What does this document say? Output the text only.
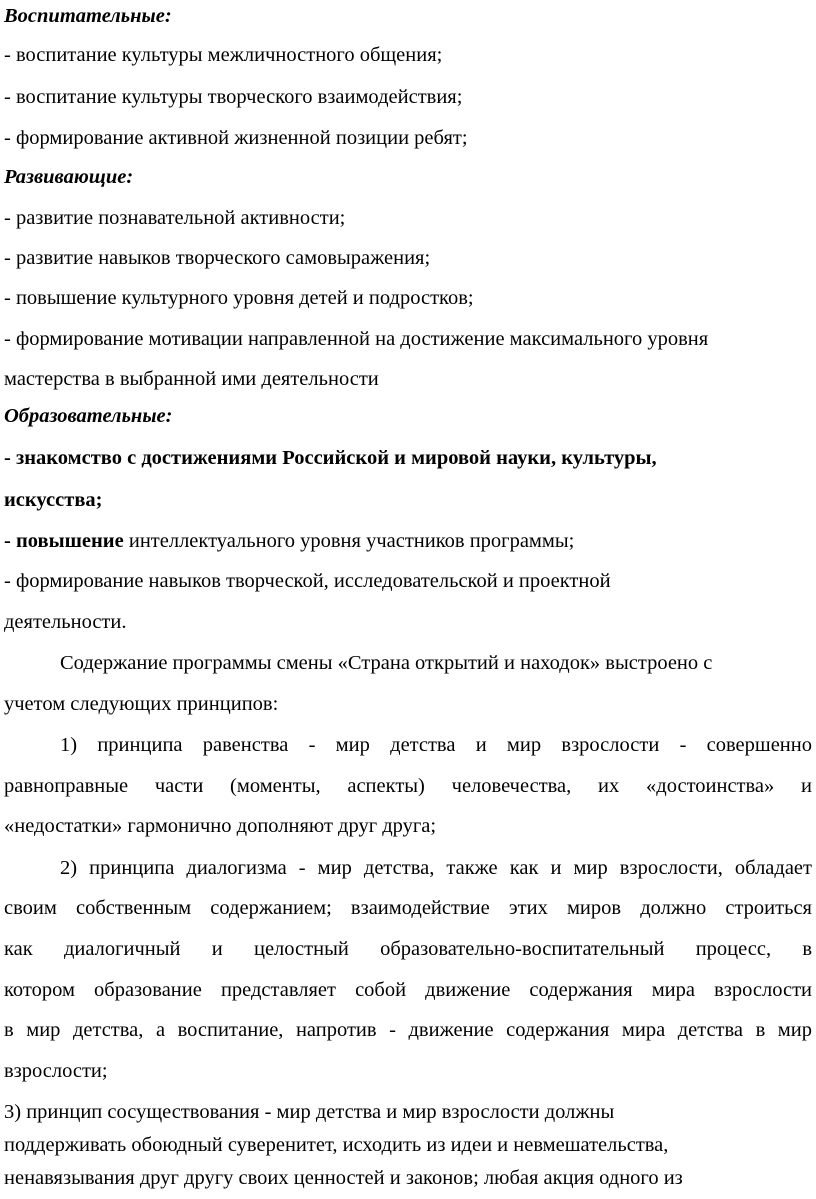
Воспитательные:
- воспитание культуры межличностного общения;
- воспитание культуры творческого взаимодействия;
- формирование активной жизненной позиции ребят;
Развивающие:
- развитие познавательной активности;
- развитие навыков творческого самовыражения;
- повышение культурного уровня детей и подростков;
- формирование мотивации направленной на достижение максимального уровня
мастерства в выбранной ими деятельности
Образовательные:
- знакомство с достижениями Российской и мировой науки, культуры,
искусства;
- повышение интеллектуального уровня участников программы;
- формирование навыков творческой, исследовательской и проектной
деятельности.
Содержание программы смены «Страна открытий и находок» выстроено с
учетом следующих принципов:
1) принципа равенства - мир детства и мир взрослости - совершенно
равноправные части (моменты, аспекты) человечества, их «достоинства» и
«недостатки» гармонично дополняют друг друга;
2) принципа диалогизма - мир детства, также как и мир взрослости, обладает
своим собственным содержанием; взаимодействие этих миров должно строиться
как диалогичный и целостный образовательно-воспитательный процесс, в
котором образование представляет собой движение содержания мира взрослости
в мир детства, а воспитание, напротив - движение содержания мира детства в мир
взрослости;
3) принцип сосуществования - мир детства и мир взрослости должны
поддерживать обоюдный суверенитет, исходить из идеи и невмешательства,
ненавязывания друг другу своих ценностей и законов; любая акция одного из
